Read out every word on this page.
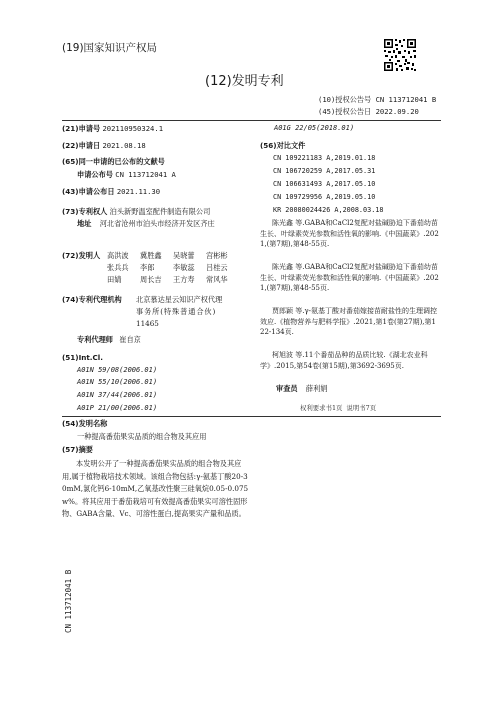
(19)国家知识产权局
(12)发明专利
(10)授权公告号 CN 113712041 B
(45)授权公告日 2022.09.20
(21)申请号 202110950324.1
(22)申请日 2021.08.18
(65)同一申请的已公布的文献号
申请公布号 CN 113712041 A
(43)申请公布日 2021.11.30
(73)专利权人 泊头新野温室配件制造有限公司
地址 河北省沧州市泊头市经济开发区齐庄
(72)发明人 高洪波 冀胜鑫 吴晓蕾 宫彬彬
张兵兵 李郎	李敏蕊 吕桂云
田婧	周长吉 王方寿 常风华
(74)专利代理机构 北京慕达星云知识产权代理
事务所(特殊普通合伙)
11465
专利代理师 崔自京
(51)Int.Cl.
A01N 59/08(2006.01)
A01N 55/10(2006.01)
A01N 37/44(2006.01)
A01P 21/00(2006.01)
A01G 22/05(2018.01)
(56)对比文件
CN 109221183 A,2019.01.18
CN 106720259 A,2017.05.31
CN 106631493 A,2017.05.10
CN 109729956 A,2019.05.10
KR 20080024426 A,2008.03.18
陈光鑫 等.GABA和CaCl2复配对盐碱胁迫下番茄幼苗生长、叶绿素荧光参数和活性氧的影响.《中国蔬菜》.2021,(第7期),第48-55页.
陈光鑫 等.GABA和CaCl2复配对盐碱胁迫下番茄幼苗生长、叶绿素荧光参数和活性氧的影响.《中国蔬菜》.2021,(第7期),第48-55页.
贾郎颖 等.γ-氨基丁酸对番茄嫁接苗耐盐性的生理调控效应.《植物营养与肥料学报》.2021,第1卷(第27期),第122-134页.
柯旭波 等.11个番茄品种的品质比较.《湖北农业科学》.2015,第54卷(第15期),第3692-3695页.
审查员 薛利娟
权利要求书1页  说明书7页
(54)发明名称
一种提高番茄果实品质的组合物及其应用
(57)摘要
本发明公开了一种提高番茄果实品质的组合物及其应用,属于植物栽培技术领域。该组合物包括:γ-氨基丁酸20-30mM,氯化钙6-10mM,乙氧基改性聚三硅氧烷0.05-0.075w%。将其应用于番茄栽培可有效提高番茄果实可溶性固形物、GABA含量、Vc、可溶性蛋白,提高果实产量和品质。
CN 113712041 B
